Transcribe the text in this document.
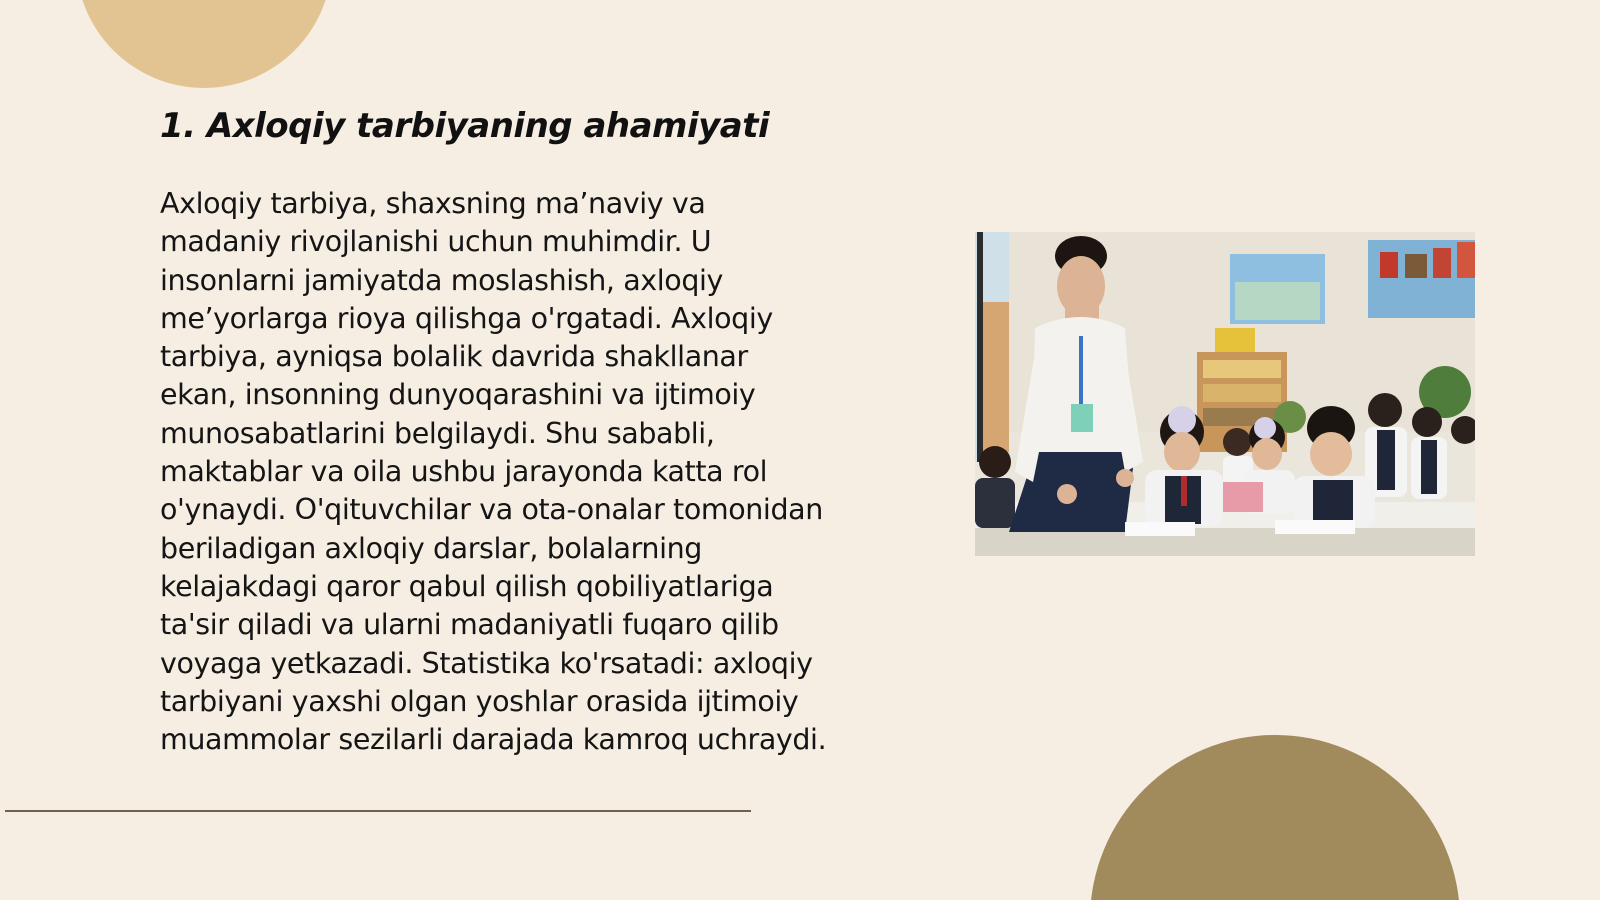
1. Axloqiy tarbiyaning ahamiyati

Axloqiy tarbiya, shaxsning ma’naviy va madaniy rivojlanishi uchun muhimdir. U insonlarni jamiyatda moslashish, axloqiy me’yorlarga rioya qilishga o'rgatadi. Axloqiy tarbiya, ayniqsa bolalik davrida shakllanar ekan, insonning dunyoqarashini va ijtimoiy munosabatlarini belgilaydi. Shu sababli, maktablar va oila ushbu jarayonda katta rol o'ynaydi. O'qituvchilar va ota-onalar tomonidan beriladigan axloqiy darslar, bolalarning kelajakdagi qaror qabul qilish qobiliyatlariga ta'sir qiladi va ularni madaniyatli fuqaro qilib voyaga yetkazadi. Statistika ko'rsatadi: axloqiy tarbiyani yaxshi olgan yoshlar orasida ijtimoiy muammolar sezilarli darajada kamroq uchraydi.
